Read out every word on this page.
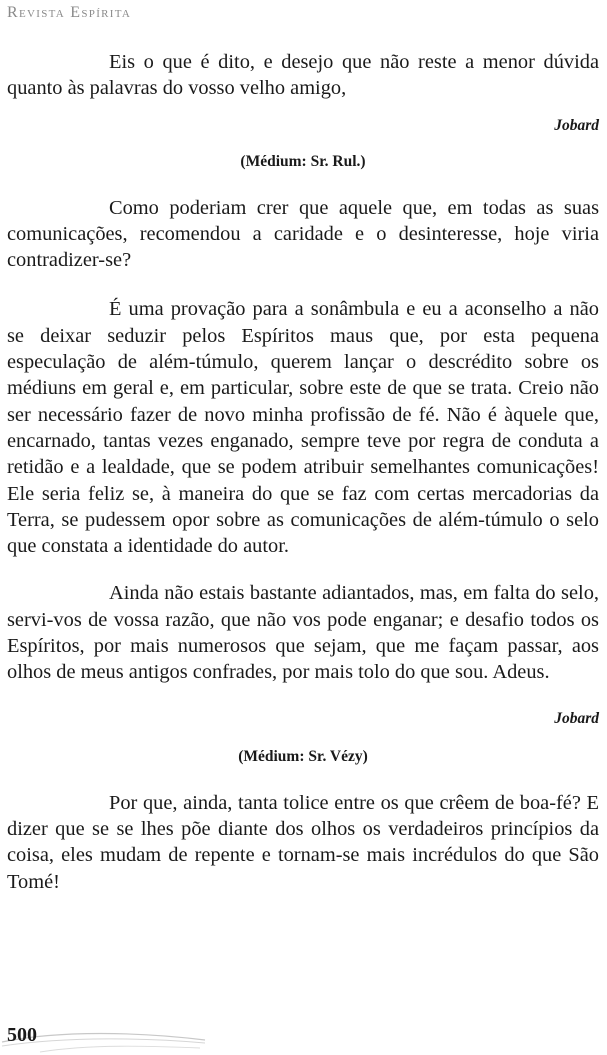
Revista Espírita

Eis o que é dito, e desejo que não reste a menor dúvida quanto às palavras do vosso velho amigo,

Jobard

(Médium: Sr. Rul.)

Como poderiam crer que aquele que, em todas as suas comunicações, recomendou a caridade e o desinteresse, hoje viria contradizer-se?

É uma provação para a sonâmbula e eu a aconselho a não se deixar seduzir pelos Espíritos maus que, por esta pequena especulação de além-túmulo, querem lançar o descrédito sobre os médiuns em geral e, em particular, sobre este de que se trata. Creio não ser necessário fazer de novo minha profissão de fé. Não é àquele que, encarnado, tantas vezes enganado, sempre teve por regra de conduta a retidão e a lealdade, que se podem atribuir semelhantes comunicações! Ele seria feliz se, à maneira do que se faz com certas mercadorias da Terra, se pudessem opor sobre as comunicações de além-túmulo o selo que constata a identidade do autor.

Ainda não estais bastante adiantados, mas, em falta do selo, servi-vos de vossa razão, que não vos pode enganar; e desafio todos os Espíritos, por mais numerosos que sejam, que me façam passar, aos olhos de meus antigos confrades, por mais tolo do que sou. Adeus.

Jobard

(Médium: Sr. Vézy)

Por que, ainda, tanta tolice entre os que crêem de boa-fé? E dizer que se se lhes põe diante dos olhos os verdadeiros princípios da coisa, eles mudam de repente e tornam-se mais incrédulos do que São Tomé!

500
